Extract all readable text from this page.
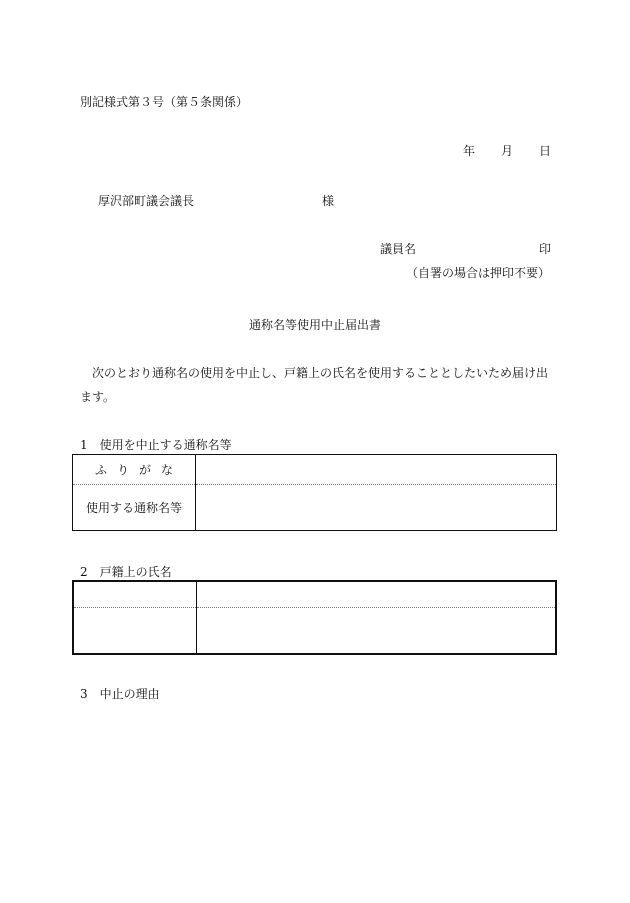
別記様式第３号（第５条関係）
年 月 日
厚沢部町議会議長	様
議員名	印
（自署の場合は押印不要）
通称名等使用中止届出書
次のとおり通称名の使用を中止し、戸籍上の氏名を使用することとしたいため届け出ます。
1　使用を中止する通称名等
ふ り が な	
使用する通称名等	
2　戸籍上の氏名

3　中止の理由
